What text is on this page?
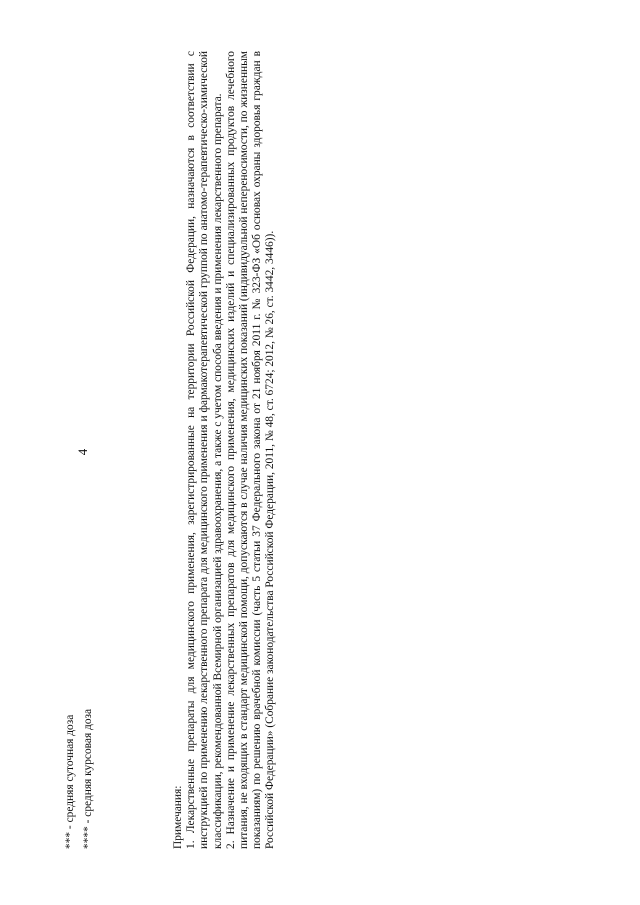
4
*** - средняя суточная доза **** - средняя курсовая доза	Примечания: 1. Лекарственные препараты для медицинского применения, зарегистрированные на территории Российской Федерации, назначаются в соответствии с инструкцией по применению лекарственного препарата для медицинского применения и фармакотерапевтической группой по анатомо-терапевтическо-химической классификации, рекомендованной Всемирной организацией здравоохранения, а также с учетом способа введения и применения лекарственного препарата. 2. Назначение и применение лекарственных препаратов для медицинского применения, медицинских изделий и специализированных продуктов лечебного питания, не входящих в стандарт медицинской помощи, допускаются в случае наличия медицинских показаний (индивидуальной непереносимости, по жизненным показаниям) по решению врачебной комиссии (часть 5 статьи 37 Федерального закона от 21 ноября 2011 г. № 323-ФЗ «Об основах охраны здоровья граждан в Российской Федерации» (Собрание законодательства Российской Федерации, 2011, № 48, ст. 6724; 2012, № 26, ст. 3442, 3446)).
